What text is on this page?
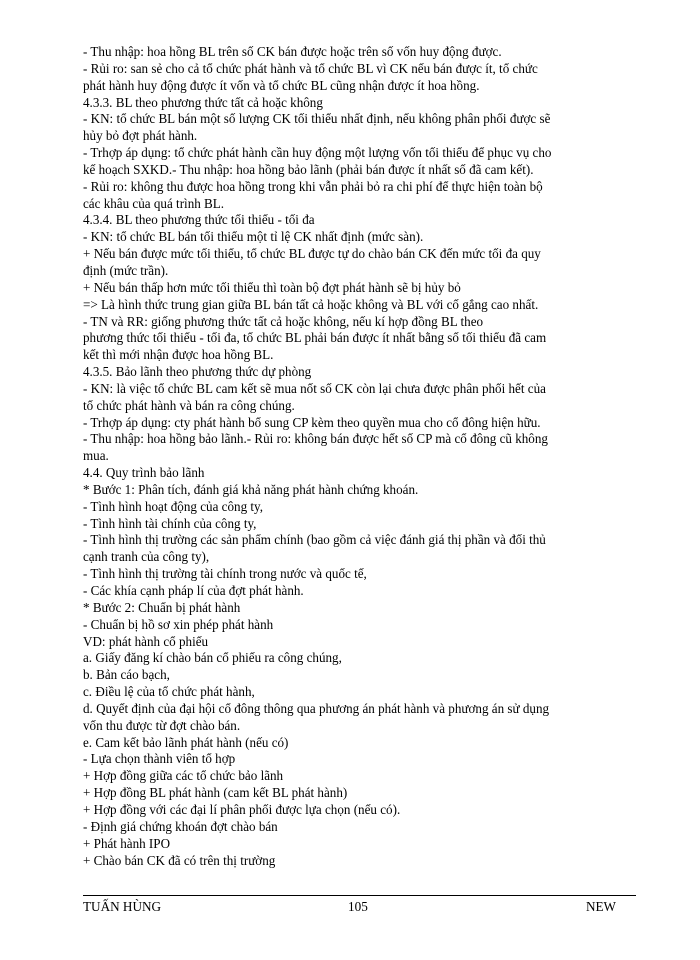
- Thu nhập: hoa hồng BL trên số CK bán được hoặc trên số vốn huy động được.
- Rủi ro: san sẻ cho cả tổ chức phát hành và tổ chức BL vì CK nếu bán được ít, tổ chức
phát hành huy động được ít vốn và tổ chức BL cũng nhận được ít hoa hồng.
4.3.3. BL theo phương thức tất cả hoặc không
- KN: tổ chức BL bán một số lượng CK tối thiểu nhất định, nếu không phân phối được sẽ
hủy bỏ đợt phát hành.
- Trhợp áp dụng: tổ chức phát hành cần huy động một lượng vốn tối thiểu để phục vụ cho
kế hoạch SXKD.- Thu nhập: hoa hồng bảo lãnh (phải bán được ít nhất số đã cam kết).
- Rủi ro: không thu được hoa hồng trong khi vẫn phải bỏ ra chi phí để thực hiện toàn bộ
các khâu của quá trình BL.
4.3.4. BL theo phương thức tối thiểu - tối đa
- KN: tổ chức BL bán tối thiểu một tỉ lệ CK nhất định (mức sàn).
+ Nếu bán được mức tối thiểu, tổ chức BL được tự do chào bán CK đến mức tối đa quy
định (mức trần).
+ Nếu bán thấp hơn mức tối thiểu thì toàn bộ đợt phát hành sẽ bị hủy bỏ
=> Là hình thức trung gian giữa BL bán tất cả hoặc không và BL với cố gắng cao nhất.
- TN và RR: giống phương thức tất cả hoặc không, nếu kí hợp đồng BL theo
phương thức tối thiểu - tối đa, tổ chức BL phải bán được ít nhất bằng số tối thiểu đã cam
kết thì mới nhận được hoa hồng BL.
4.3.5. Bảo lãnh theo phương thức dự phòng
- KN: là việc tổ chức BL cam kết sẽ mua nốt số CK còn lại chưa được phân phối hết của
tổ chức phát hành và bán ra công chúng.
- Trhợp áp dụng: cty phát hành bổ sung CP kèm theo quyền mua cho cổ đông hiện hữu.
- Thu nhập: hoa hồng bảo lãnh.- Rủi ro: không bán được hết số CP mà cổ đông cũ không
mua.
4.4. Quy trình bảo lãnh
* Bước 1: Phân tích, đánh giá khả năng phát hành chứng khoán.
- Tình hình hoạt động của công ty,
- Tình hình tài chính của công ty,
- Tình hình thị trường các sản phẩm chính (bao gồm cả việc đánh giá thị phần và đối thủ
cạnh tranh của công ty),
- Tình hình thị trường tài chính trong nước và quốc tế,
- Các khía cạnh pháp lí của đợt phát hành.
* Bước 2: Chuẩn bị phát hành
- Chuẩn bị hồ sơ xin phép phát hành
VD: phát hành cổ phiếu
a. Giấy đăng kí chào bán cổ phiếu ra công chúng,
b. Bản cáo bạch,
c. Điều lệ của tổ chức phát hành,
d. Quyết định của đại hội cổ đông thông qua phương án phát hành và phương án sử dụng
vốn thu được từ đợt chào bán.
e. Cam kết bảo lãnh phát hành (nếu có)
- Lựa chọn thành viên tổ hợp
+ Hợp đồng giữa các tổ chức bảo lãnh
+ Hợp đồng BL phát hành (cam kết BL phát hành)
+ Hợp đồng với các đại lí phân phối được lựa chọn (nếu có).
- Định giá chứng khoán đợt chào bán
+ Phát hành IPO
+ Chào bán CK đã có trên thị trường
TUẤN HÙNG	105	NEW
